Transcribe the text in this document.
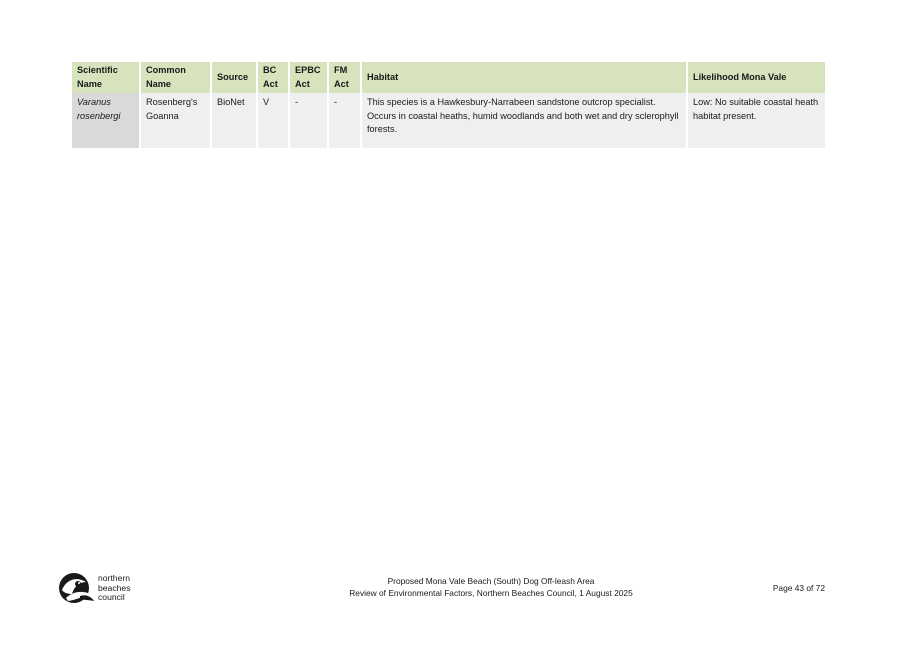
Scientific Name	Common Name	Source	BC Act	EPBC Act	FM Act	Habitat	Likelihood Mona Vale
Varanus rosenbergi	Rosenberg's Goanna	BioNet	V	-	-	This species is a Hawkesbury-Narrabeen sandstone outcrop specialist. Occurs in coastal heaths, humid woodlands and both wet and dry sclerophyll forests.	Low: No suitable coastal heath habitat present.
northern
beaches
council
Proposed Mona Vale Beach (South) Dog Off-leash Area
Review of Environmental Factors, Northern Beaches Council, 1 August 2025	Page 43 of 72
